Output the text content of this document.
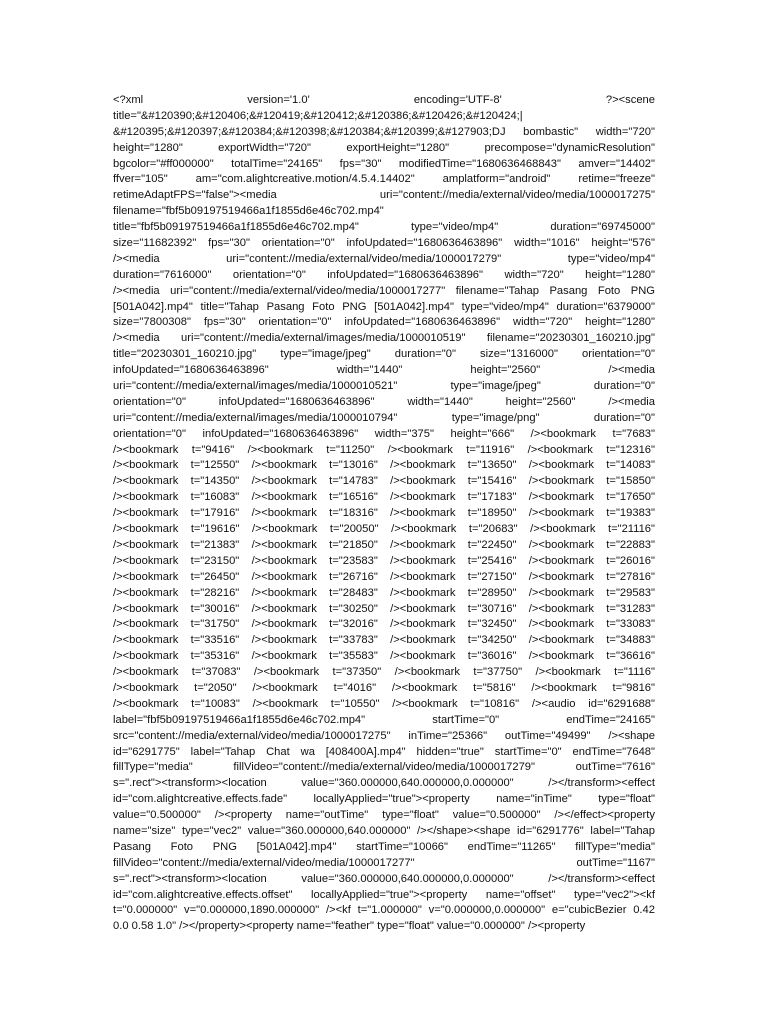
<?xml version='1.0' encoding='UTF-8' ?><scene
title="&#120390;&#120406;&#120419;&#120412;&#120386;&#120426;&#120424;|
&#120395;&#120397;&#120384;&#120398;&#120384;&#120399;&#127903;DJ bombastic" width="720"
height="1280" exportWidth="720" exportHeight="1280" precompose="dynamicResolution"
bgcolor="#ff000000" totalTime="24165" fps="30" modifiedTime="1680636468843" amver="14402"
ffver="105" am="com.alightcreative.motion/4.5.4.14402" amplatform="android" retime="freeze"
retimeAdaptFPS="false"><media uri="content://media/external/video/media/1000017275"
filename="fbf5b09197519466a1f1855d6e46c702.mp4"
title="fbf5b09197519466a1f1855d6e46c702.mp4" type="video/mp4" duration="69745000"
size="11682392" fps="30" orientation="0" infoUpdated="1680636463896" width="1016" height="576"
/><media uri="content://media/external/video/media/1000017279" type="video/mp4"
duration="7616000" orientation="0" infoUpdated="1680636463896" width="720" height="1280"
/><media uri="content://media/external/video/media/1000017277" filename="Tahap Pasang Foto PNG
[501A042].mp4" title="Tahap Pasang Foto PNG [501A042].mp4" type="video/mp4" duration="6379000"
size="7800308" fps="30" orientation="0" infoUpdated="1680636463896" width="720" height="1280"
/><media uri="content://media/external/images/media/1000010519" filename="20230301_160210.jpg"
title="20230301_160210.jpg" type="image/jpeg" duration="0" size="1316000" orientation="0"
infoUpdated="1680636463896" width="1440" height="2560" /><media
uri="content://media/external/images/media/1000010521" type="image/jpeg" duration="0"
orientation="0" infoUpdated="1680636463896" width="1440" height="2560" /><media
uri="content://media/external/images/media/1000010794" type="image/png" duration="0"
orientation="0" infoUpdated="1680636463896" width="375" height="666" /><bookmark t="7683"
/><bookmark t="9416" /><bookmark t="11250" /><bookmark t="11916" /><bookmark t="12316"
/><bookmark t="12550" /><bookmark t="13016" /><bookmark t="13650" /><bookmark t="14083"
/><bookmark t="14350" /><bookmark t="14783" /><bookmark t="15416" /><bookmark t="15850"
/><bookmark t="16083" /><bookmark t="16516" /><bookmark t="17183" /><bookmark t="17650"
/><bookmark t="17916" /><bookmark t="18316" /><bookmark t="18950" /><bookmark t="19383"
/><bookmark t="19616" /><bookmark t="20050" /><bookmark t="20683" /><bookmark t="21116"
/><bookmark t="21383" /><bookmark t="21850" /><bookmark t="22450" /><bookmark t="22883"
/><bookmark t="23150" /><bookmark t="23583" /><bookmark t="25416" /><bookmark t="26016"
/><bookmark t="26450" /><bookmark t="26716" /><bookmark t="27150" /><bookmark t="27816"
/><bookmark t="28216" /><bookmark t="28483" /><bookmark t="28950" /><bookmark t="29583"
/><bookmark t="30016" /><bookmark t="30250" /><bookmark t="30716" /><bookmark t="31283"
/><bookmark t="31750" /><bookmark t="32016" /><bookmark t="32450" /><bookmark t="33083"
/><bookmark t="33516" /><bookmark t="33783" /><bookmark t="34250" /><bookmark t="34883"
/><bookmark t="35316" /><bookmark t="35583" /><bookmark t="36016" /><bookmark t="36616"
/><bookmark t="37083" /><bookmark t="37350" /><bookmark t="37750" /><bookmark t="1116"
/><bookmark t="2050" /><bookmark t="4016" /><bookmark t="5816" /><bookmark t="9816"
/><bookmark t="10083" /><bookmark t="10550" /><bookmark t="10816" /><audio id="6291688"
label="fbf5b09197519466a1f1855d6e46c702.mp4" startTime="0" endTime="24165"
src="content://media/external/video/media/1000017275" inTime="25366" outTime="49499" /><shape
id="6291775" label="Tahap Chat wa [408400A].mp4" hidden="true" startTime="0" endTime="7648"
fillType="media" fillVideo="content://media/external/video/media/1000017279" outTime="7616"
s=".rect"><transform><location value="360.000000,640.000000,0.000000" /></transform><effect
id="com.alightcreative.effects.fade" locallyApplied="true"><property name="inTime" type="float"
value="0.500000" /><property name="outTime" type="float" value="0.500000" /></effect><property
name="size" type="vec2" value="360.000000,640.000000" /></shape><shape id="6291776" label="Tahap
Pasang Foto PNG [501A042].mp4" startTime="10066" endTime="11265" fillType="media"
fillVideo="content://media/external/video/media/1000017277" outTime="1167"
s=".rect"><transform><location value="360.000000,640.000000,0.000000" /></transform><effect
id="com.alightcreative.effects.offset" locallyApplied="true"><property name="offset" type="vec2"><kf
t="0.000000" v="0.000000,1890.000000" /><kf t="1.000000" v="0.000000,0.000000" e="cubicBezier 0.42
0.0 0.58 1.0" /></property><property name="feather" type="float" value="0.000000" /><property
